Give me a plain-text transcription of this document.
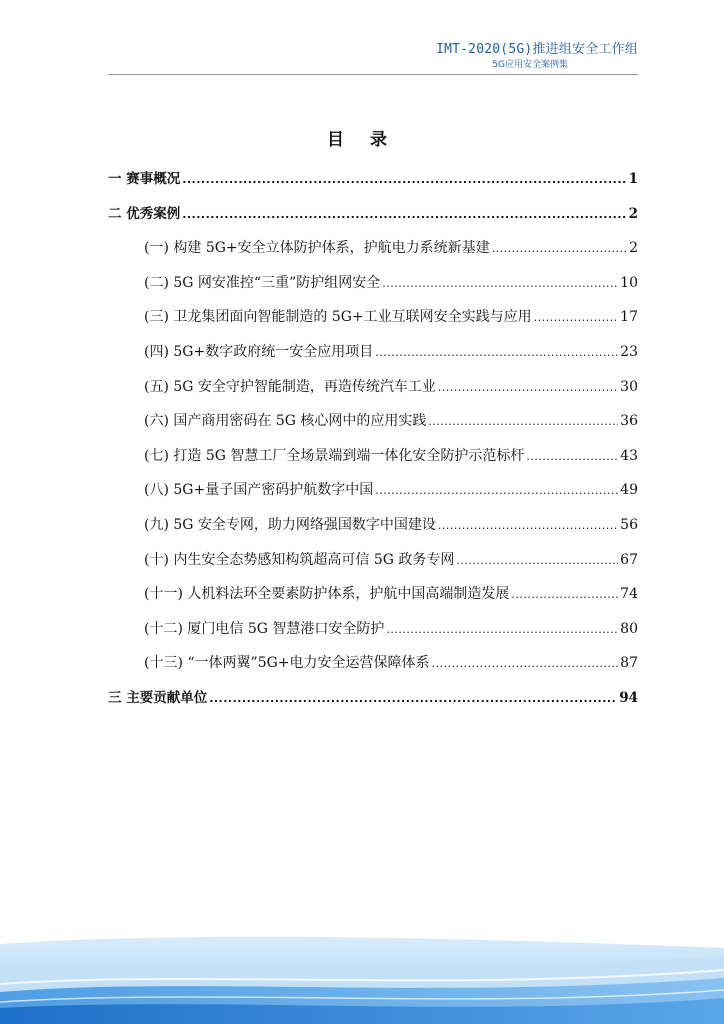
IMT-2020(5G)推进组安全工作组
5G应用安全案例集
目 录
一 赛事概况 .....	1
二 优秀案例 .....	2
(一) 构建 5G+安全立体防护体系，护航电力系统新基建 .....	2
(二) 5G 网安准控“三重”防护组网安全 .....	10
(三) 卫龙集团面向智能制造的 5G+工业互联网安全实践与应用 .....	17
(四) 5G+数字政府统一安全应用项目 .....	23
(五) 5G 安全守护智能制造，再造传统汽车工业 .....	30
(六) 国产商用密码在 5G 核心网中的应用实践 .....	36
(七) 打造 5G 智慧工厂全场景端到端一体化安全防护示范标杆 .....	43
(八) 5G+量子国产密码护航数字中国 .....	49
(九) 5G 安全专网，助力网络强国数字中国建设 .....	56
(十) 内生安全态势感知构筑超高可信 5G 政务专网 .....	67
(十一) 人机料法环全要素防护体系，护航中国高端制造发展 .....	74
(十二) 厦门电信 5G 智慧港口安全防护 .....	80
(十三) “一体两翼”5G+电力安全运营保障体系 .....	87
三 主要贡献单位 .....	94
